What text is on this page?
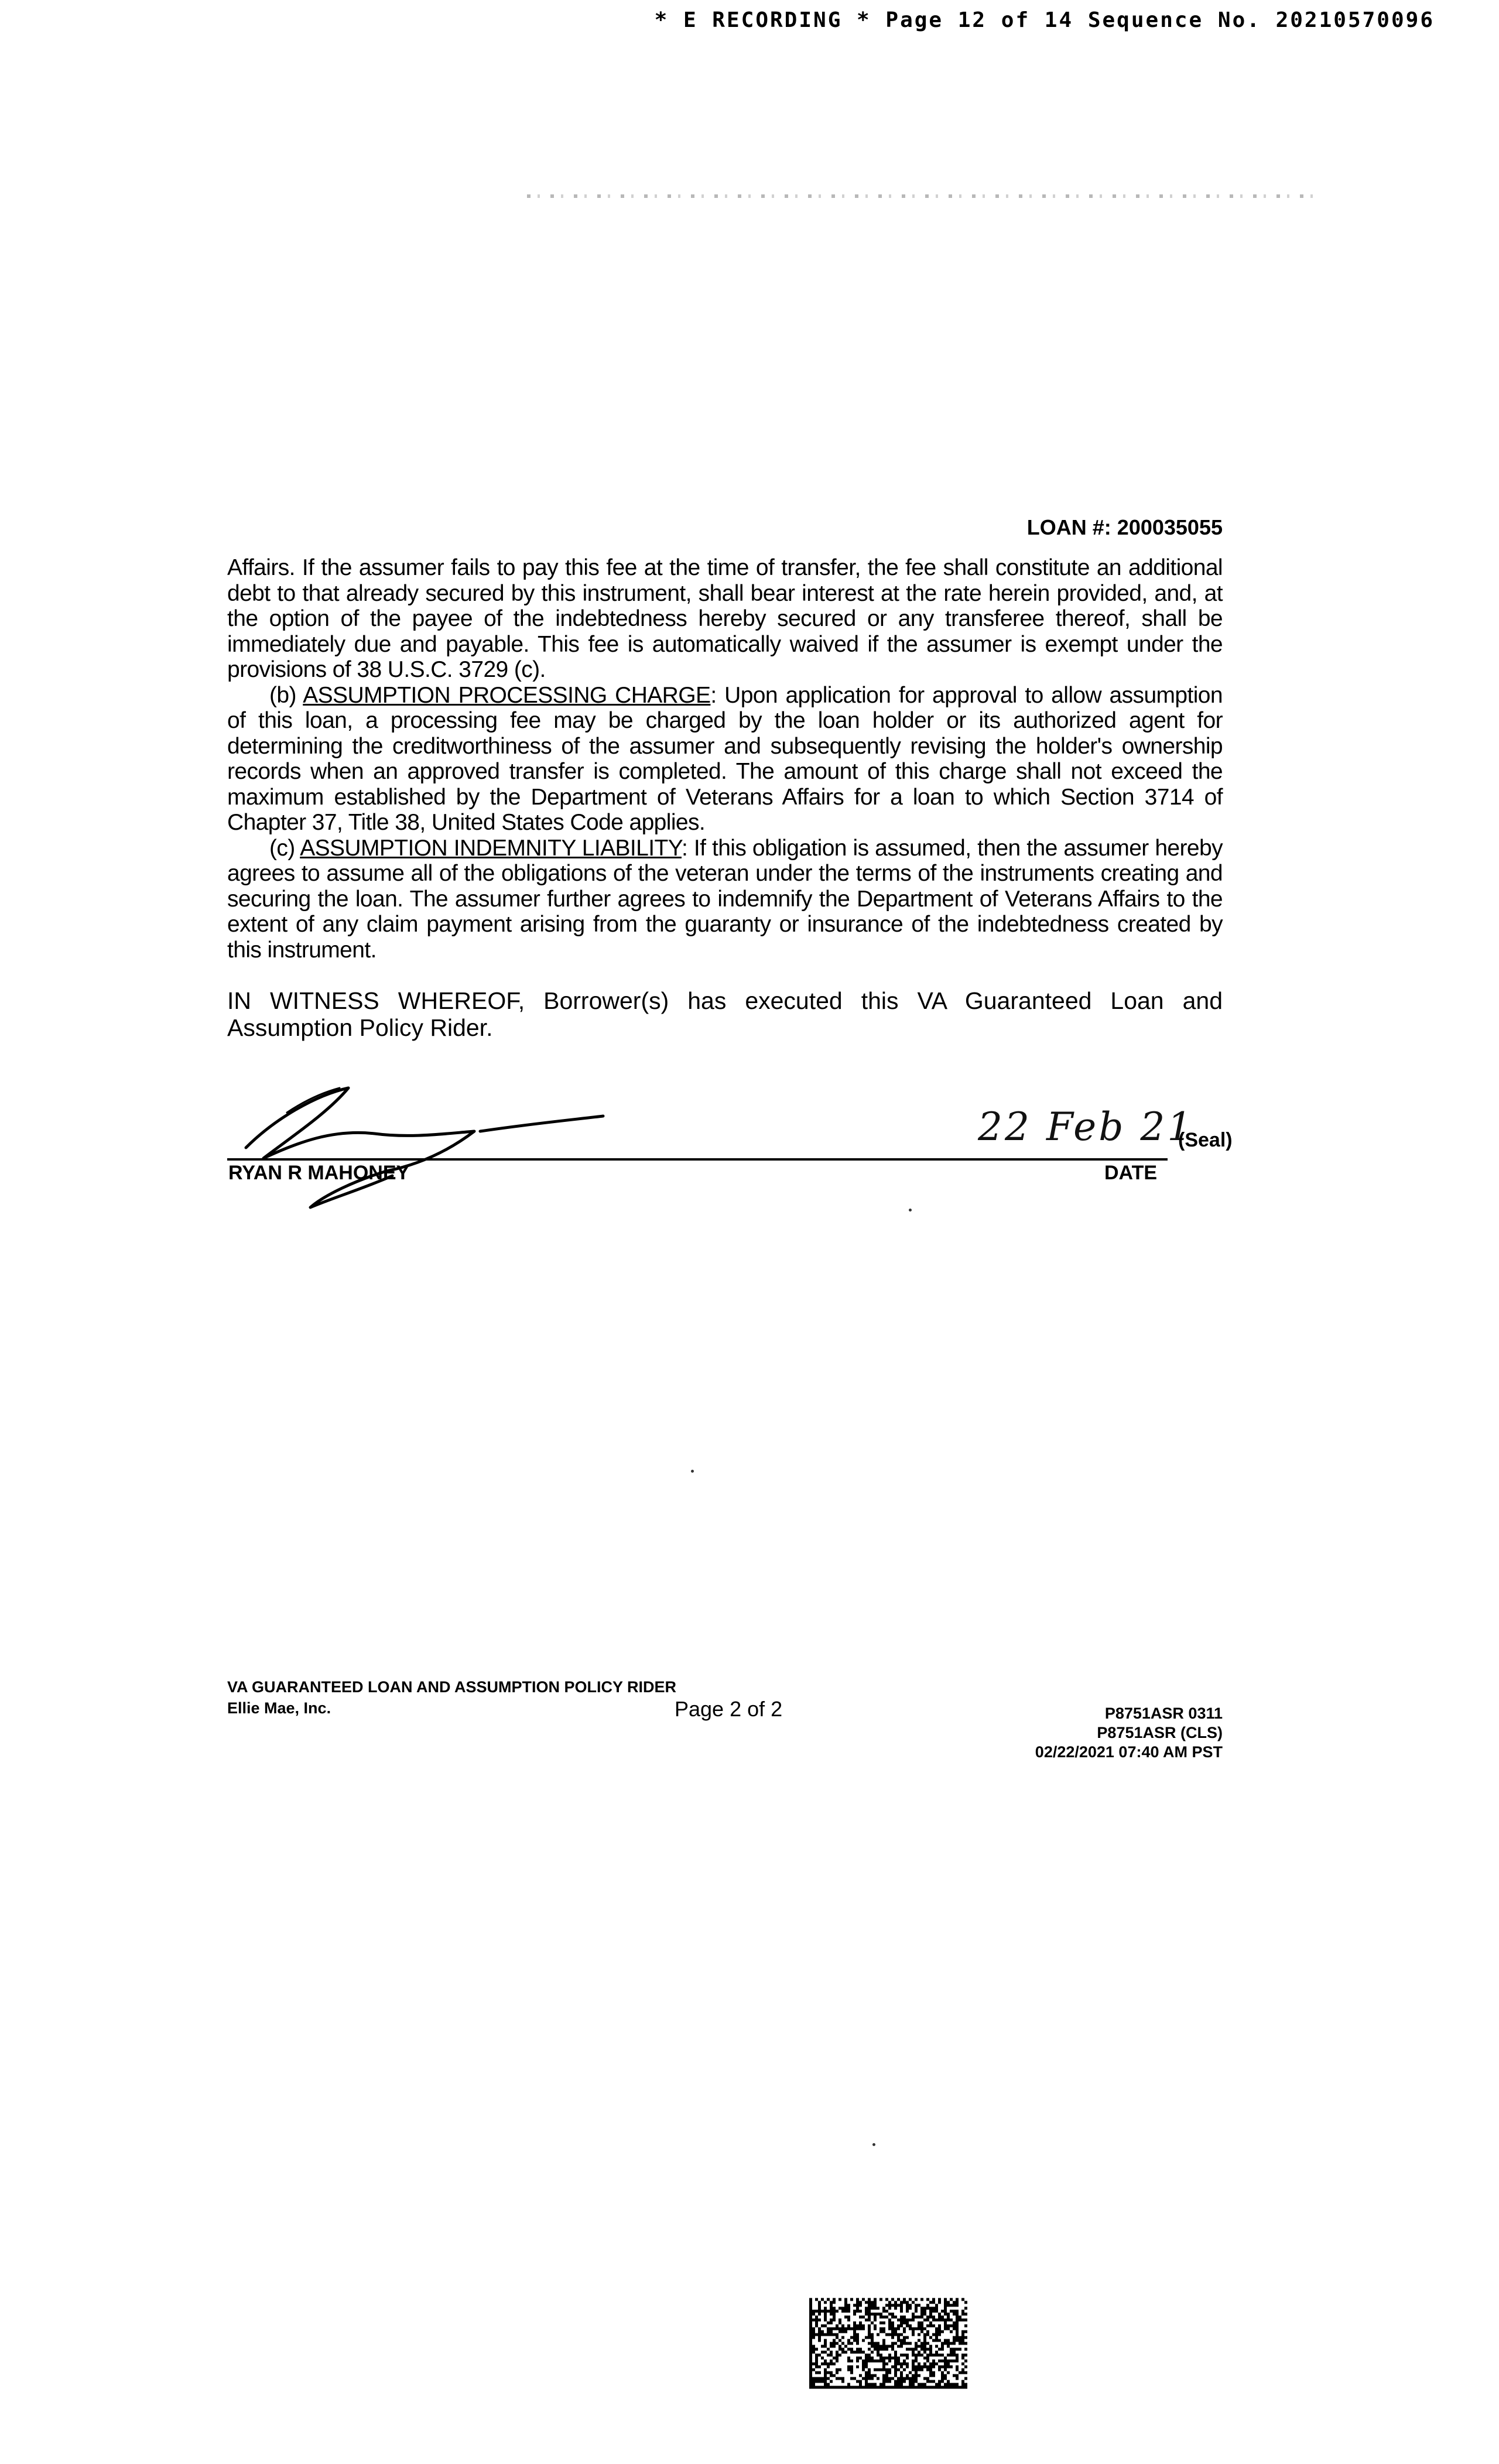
* E RECORDING * Page 12 of 14 Sequence No. 20210570096
LOAN #: 200035055

Affairs. If the assumer fails to pay this fee at the time of transfer, the fee shall constitute an additional debt to that already secured by this instrument, shall bear interest at the rate herein provided, and, at the option of the payee of the indebtedness hereby secured or any transferee thereof, shall be immediately due and payable. This fee is automatically waived if the assumer is exempt under the provisions of 38 U.S.C. 3729 (c).

(b) ASSUMPTION PROCESSING CHARGE: Upon application for approval to allow assumption of this loan, a processing fee may be charged by the loan holder or its authorized agent for determining the creditworthiness of the assumer and subsequently revising the holder's ownership records when an approved transfer is completed. The amount of this charge shall not exceed the maximum established by the Department of Veterans Affairs for a loan to which Section 3714 of Chapter 37, Title 38, United States Code applies.

(c) ASSUMPTION INDEMNITY LIABILITY: If this obligation is assumed, then the assumer hereby agrees to assume all of the obligations of the veteran under the terms of the instruments creating and securing the loan. The assumer further agrees to indemnify the Department of Veterans Affairs to the extent of any claim payment arising from the guaranty or insurance of the indebtedness created by this instrument.

IN WITNESS WHEREOF, Borrower(s) has executed this VA Guaranteed Loan and Assumption Policy Rider.

22 Feb 21
(Seal)
RYAN R MAHONEY	DATE
VA GUARANTEED LOAN AND ASSUMPTION POLICY RIDER
Ellie Mae, Inc.	Page 2 of 2	P8751ASR 0311
P8751ASR (CLS)
02/22/2021 07:40 AM PST
